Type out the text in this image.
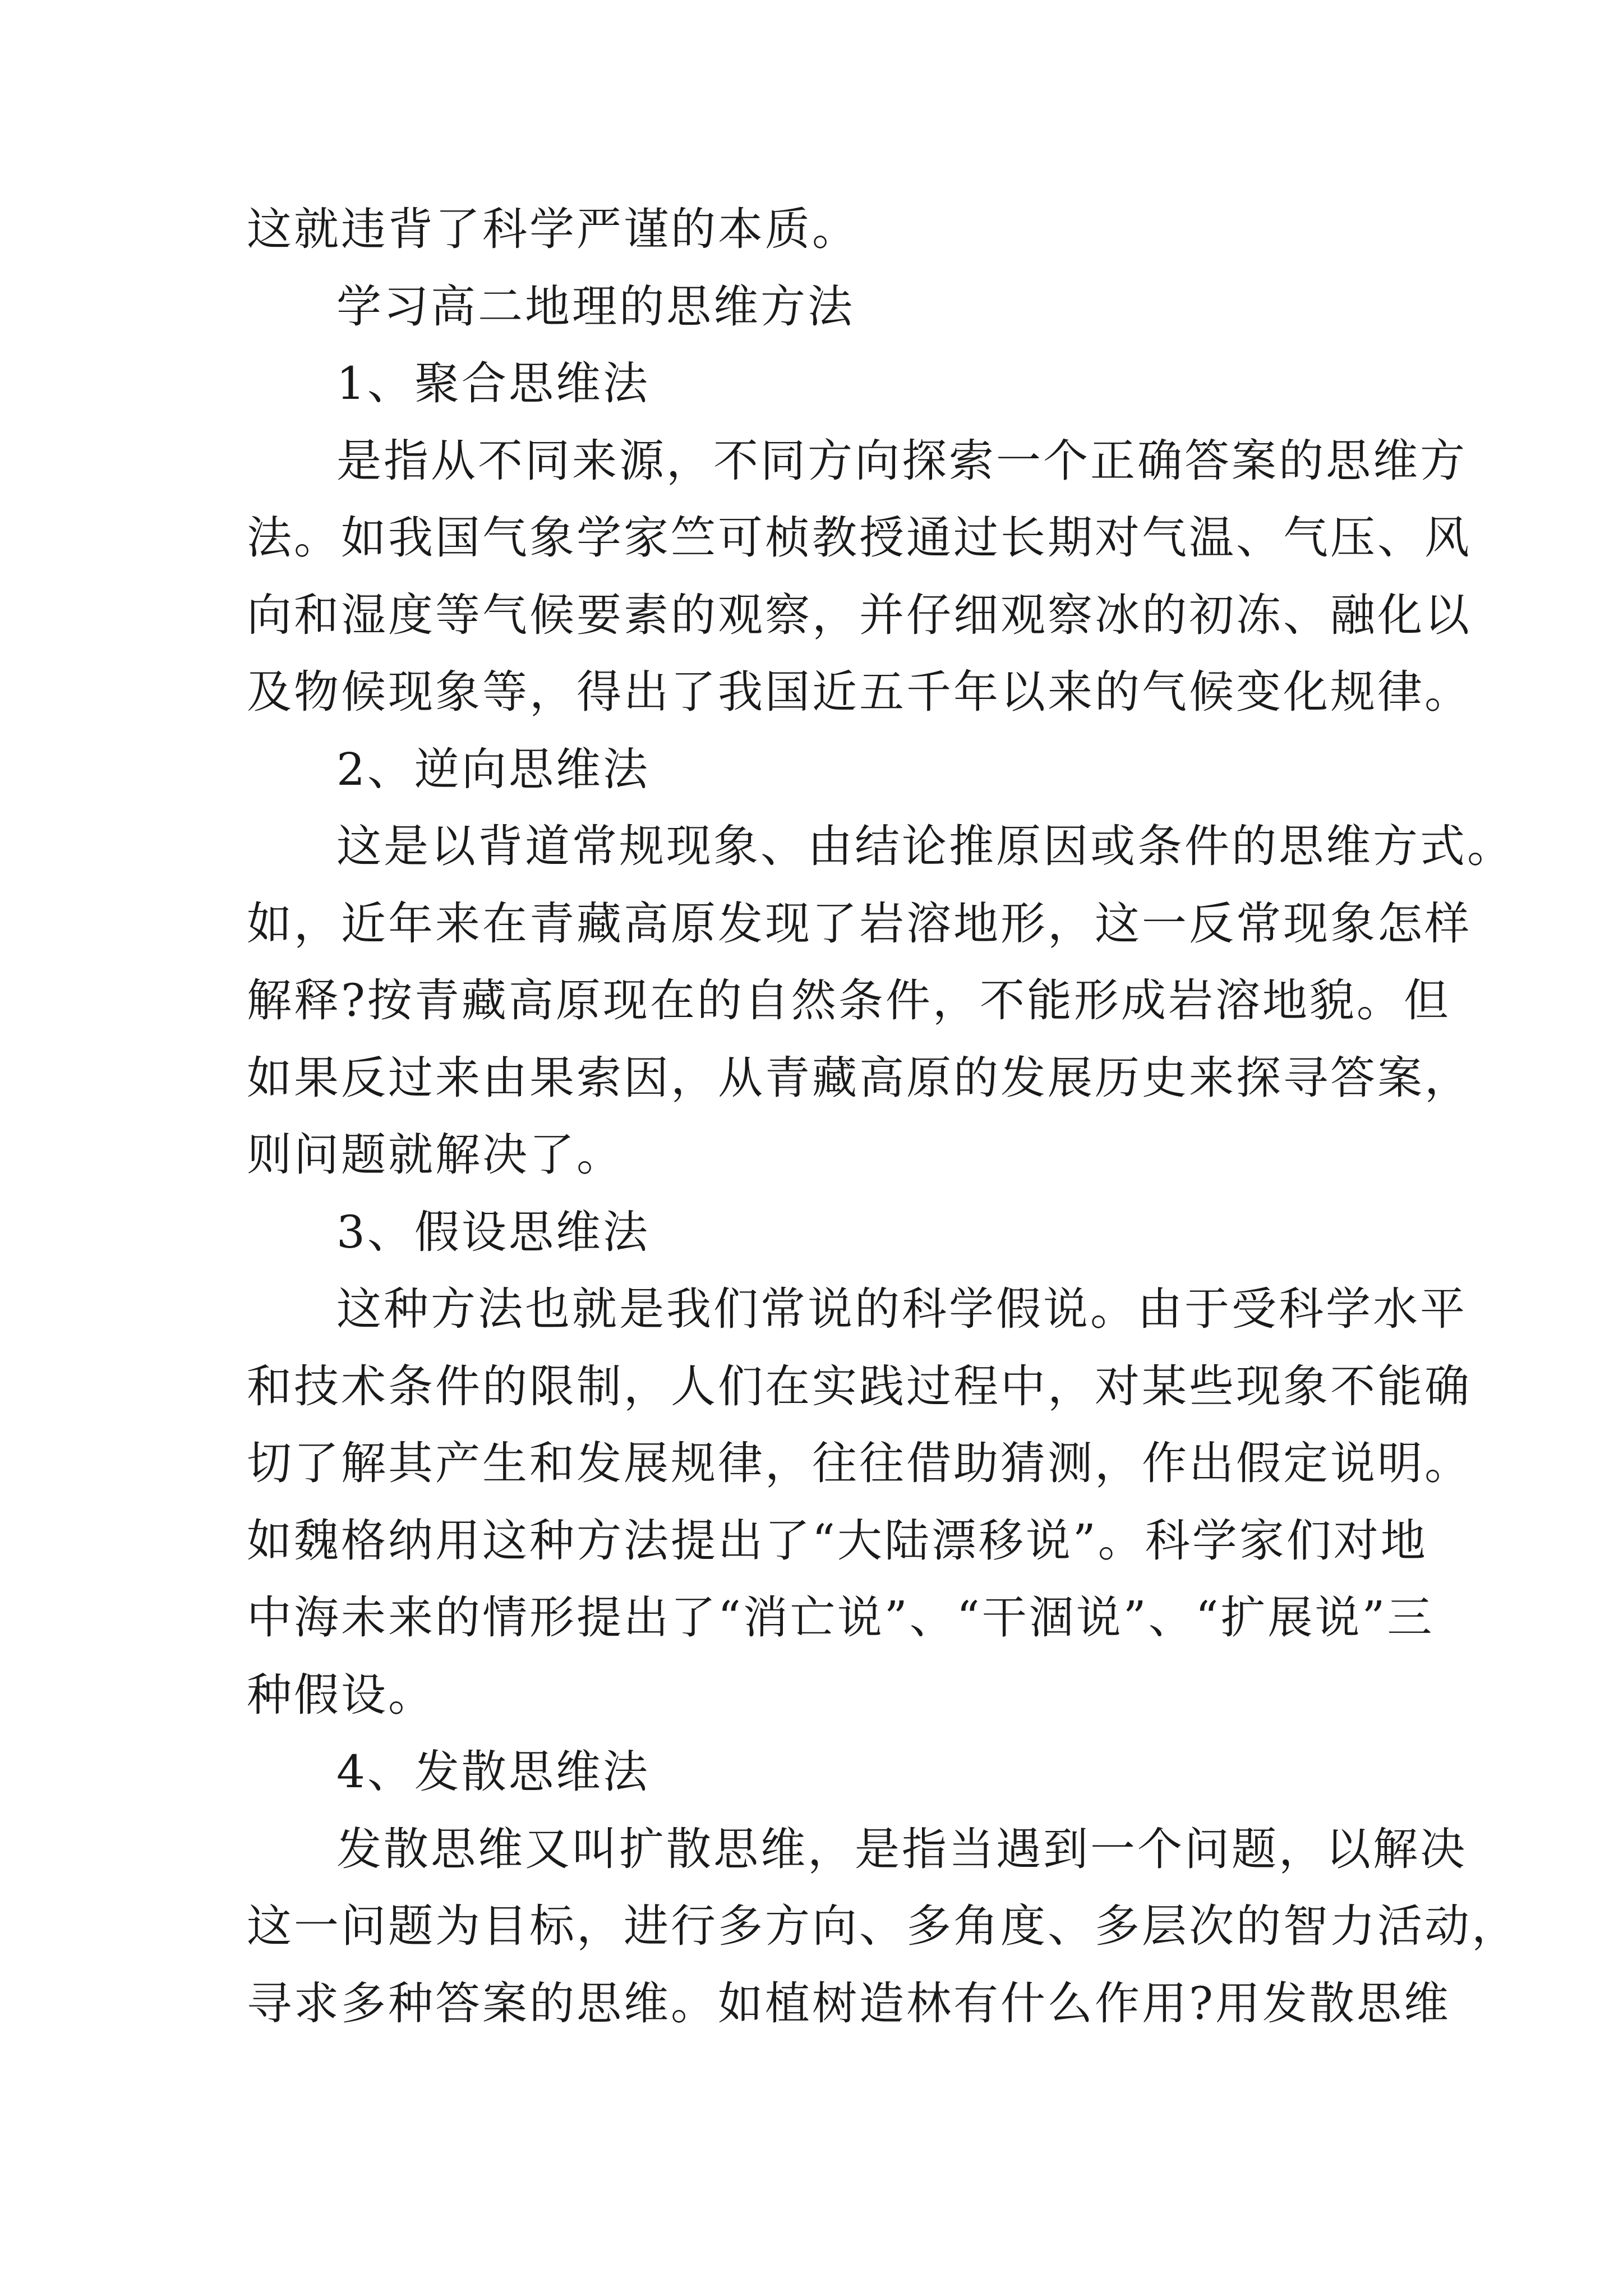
这就违背了科学严谨的本质。
学习高二地理的思维方法
1、聚合思维法
是指从不同来源，不同方向探索一个正确答案的思维方
法。如我国气象学家竺可桢教授通过长期对气温、气压、风
向和湿度等气候要素的观察，并仔细观察冰的初冻、融化以
及物候现象等，得出了我国近五千年以来的气候变化规律。
2、逆向思维法
这是以背道常规现象、由结论推原因或条件的思维方式。
如，近年来在青藏高原发现了岩溶地形，这一反常现象怎样
解释?按青藏高原现在的自然条件，不能形成岩溶地貌。但
如果反过来由果索因，从青藏高原的发展历史来探寻答案，
则问题就解决了。
3、假设思维法
这种方法也就是我们常说的科学假说。由于受科学水平
和技术条件的限制，人们在实践过程中，对某些现象不能确
切了解其产生和发展规律，往往借助猜测，作出假定说明。
如魏格纳用这种方法提出了“大陆漂移说”。科学家们对地
中海未来的情形提出了“消亡说”、“干涸说”、“扩展说”三
种假设。
4、发散思维法
发散思维又叫扩散思维，是指当遇到一个问题，以解决
这一问题为目标，进行多方向、多角度、多层次的智力活动，
寻求多种答案的思维。如植树造林有什么作用?用发散思维
